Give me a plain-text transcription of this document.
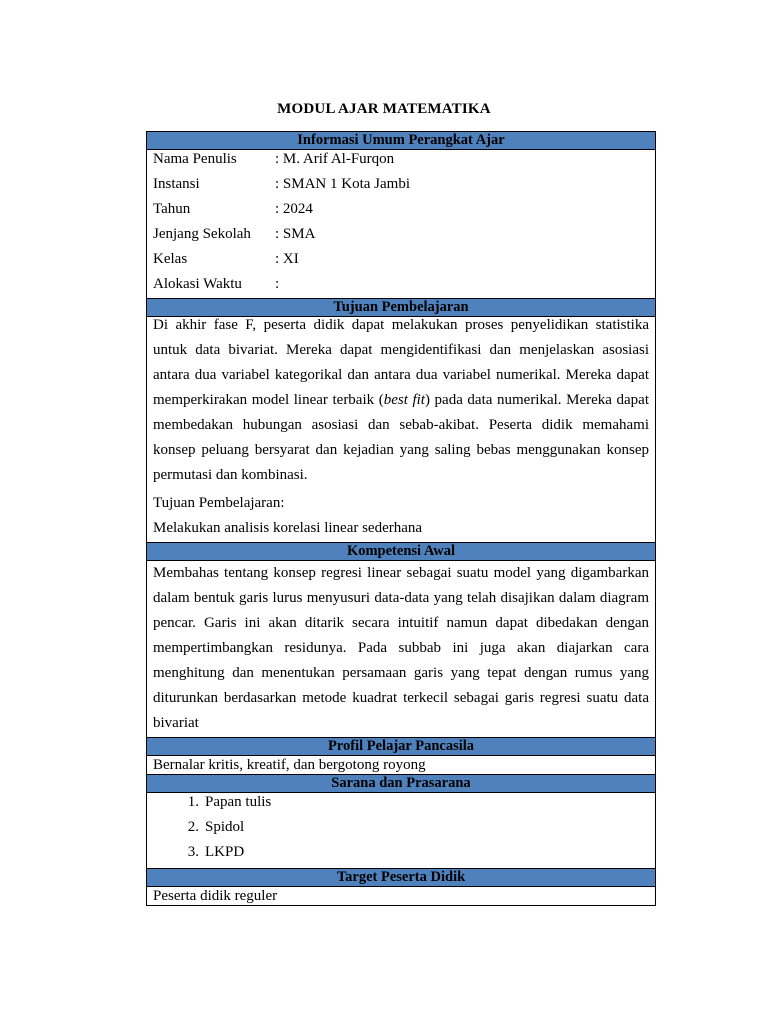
MODUL AJAR MATEMATIKA
Informasi Umum Perangkat Ajar
Nama Penulis	: M. Arif Al-Furqon
Instansi	: SMAN 1 Kota Jambi
Tahun	: 2024
Jenjang Sekolah	: SMA
Kelas	: XI
Alokasi Waktu	:
Tujuan Pembelajaran
Di akhir fase F, peserta didik dapat melakukan proses penyelidikan statistika untuk data bivariat. Mereka dapat mengidentifikasi dan menjelaskan asosiasi antara dua variabel kategorikal dan antara dua variabel numerikal. Mereka dapat memperkirakan model linear terbaik (best fit) pada data numerikal. Mereka dapat membedakan hubungan asosiasi dan sebab-akibat. Peserta didik memahami konsep peluang bersyarat dan kejadian yang saling bebas menggunakan konsep permutasi dan kombinasi.
Tujuan Pembelajaran:
Melakukan analisis korelasi linear sederhana
Kompetensi Awal
Membahas tentang konsep regresi linear sebagai suatu model yang digambarkan dalam bentuk garis lurus menyusuri data-data yang telah disajikan dalam diagram pencar. Garis ini akan ditarik secara intuitif namun dapat dibedakan dengan mempertimbangkan residunya. Pada subbab ini juga akan diajarkan cara menghitung dan menentukan persamaan garis yang tepat dengan rumus yang diturunkan berdasarkan metode kuadrat terkecil sebagai garis regresi suatu data bivariat
Profil Pelajar Pancasila
Bernalar kritis, kreatif, dan bergotong royong
Sarana dan Prasarana
1. Papan tulis
2. Spidol
3. LKPD
Target Peserta Didik
Peserta didik reguler
